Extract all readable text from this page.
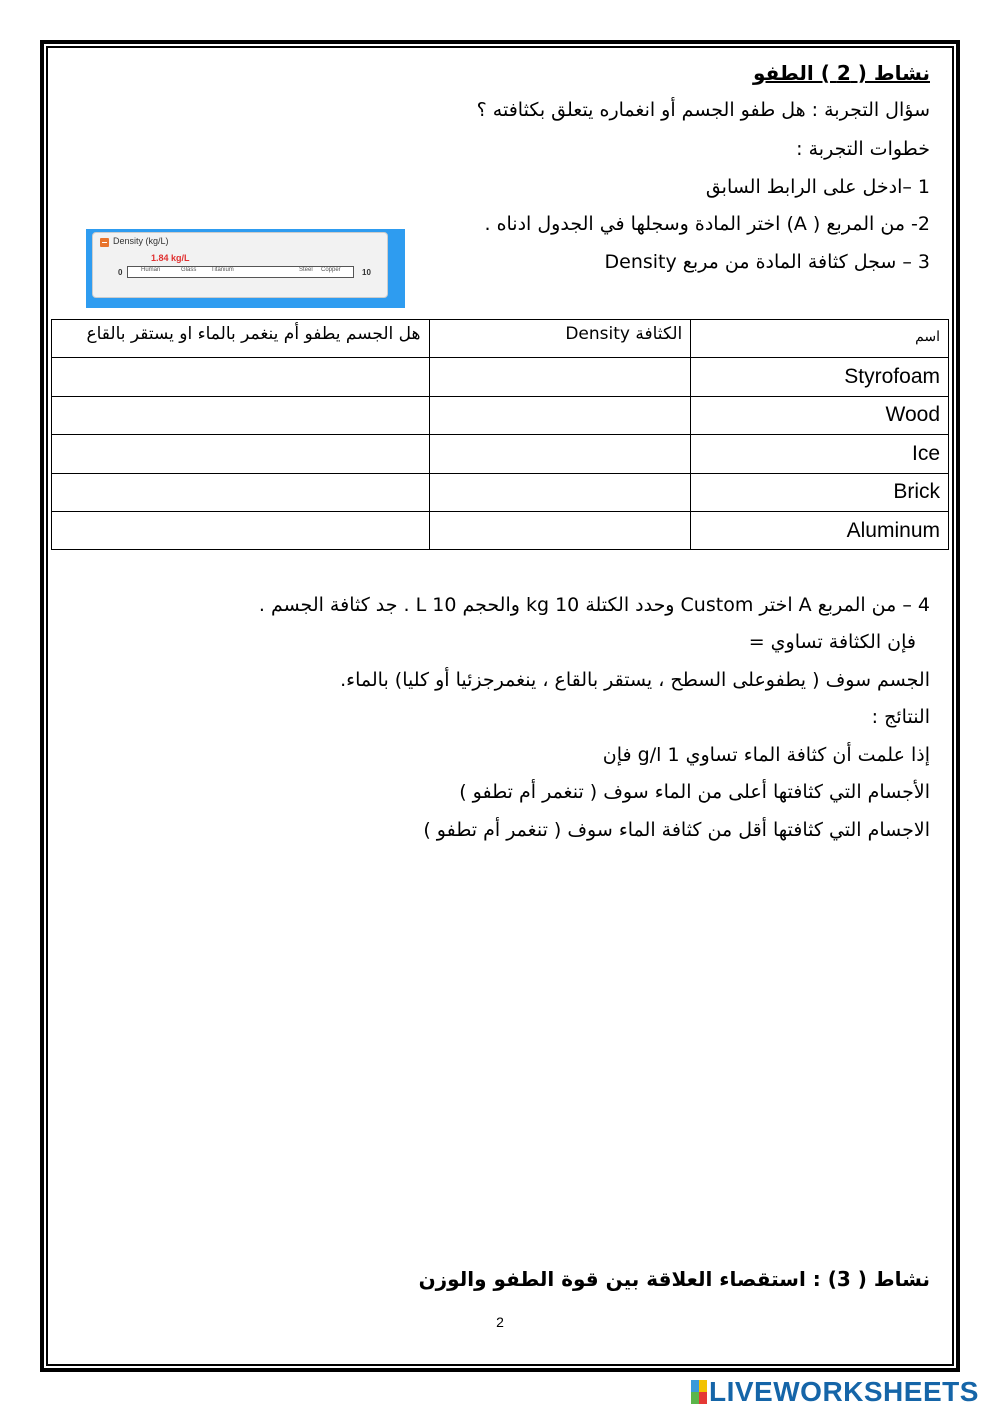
نشاط ( 2 ) الطفو
سؤال التجربة : هل طفو الجسم أو انغماره يتعلق بكثافته ؟
خطوات التجربة :
1 –ادخل على الرابط السابق
2- من المربع ( A) اختر المادة وسجلها في الجدول ادناه .
3 – سجل كثافة المادة من مربع Density
Density (kg/L)
1.84 kg/L
0	Human	Glass Titanium	Steel Copper	10
اسم	الكثافة Density	هل الجسم يطفو أم ينغمر بالماء او يستقر بالقاع
Styrofoam		
Wood		
Ice		
Brick		
Aluminum		
4 – من المربع A اختر Custom وحدد الكتلة 10 kg والحجم 10 L . جد كثافة الجسم .
فإن الكثافة تساوي =
الجسم سوف ( يطفوعلى السطح ، يستقر بالقاع ، ينغمرجزئيا أو كليا) بالماء.
النتائج :
إذا علمت أن كثافة الماء تساوي 1 g/l فإن
الأجسام التي كثافتها أعلى من الماء سوف ( تنغمر أم تطفو )
الاجسام التي كثافتها أقل من كثافة الماء سوف ( تنغمر أم تطفو )
نشاط ( 3) : استقصاء العلاقة بين قوة الطفو والوزن
2
LIVEWORKSHEETS
